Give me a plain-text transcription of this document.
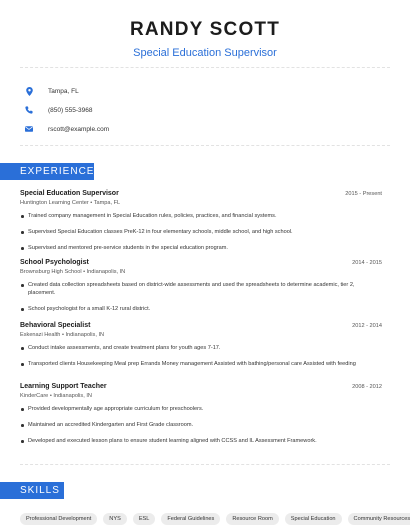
RANDY SCOTT
Special Education Supervisor
Tampa, FL
(850) 555-3968
rscott@example.com
EXPERIENCE
Special Education Supervisor	2015 - Present
Huntington Learning Center • Tampa, FL
Trained company management in Special Education rules, policies, practices, and financial systems.
Supervised Special Education classes PreK-12 in four elementary schools, middle school, and high school.
Supervised and mentored pre-service students in the special education program.
School Psychologist	2014 - 2015
Brownsburg High School • Indianapolis, IN
Created data collection spreadsheets based on district-wide assessments and used the spreadsheets to determine academic, tier 2, placement.
School psychologist for a small K-12 rural district.
Behavioral Specialist	2012 - 2014
Eskenazi Health • Indianapolis, IN
Conduct intake assessments, and create treatment plans for youth ages 7-17.
Transported clients Housekeeping Meal prep Errands Money management Assisted with bathing/personal care Assisted with feeding
Learning Support Teacher	2008 - 2012
KinderCare • Indianapolis, IN
Provided developmentally age appropriate curriculum for preschoolers.
Maintained an accredited Kindergarten and First Grade classroom.
Developed and executed lesson plans to ensure student learning aligned with CCSS and IL Assessment Framework.
SKILLS
Professional Development	NYS	ESL	Federal Guidelines	Resource Room	Special Education	Community Resources
